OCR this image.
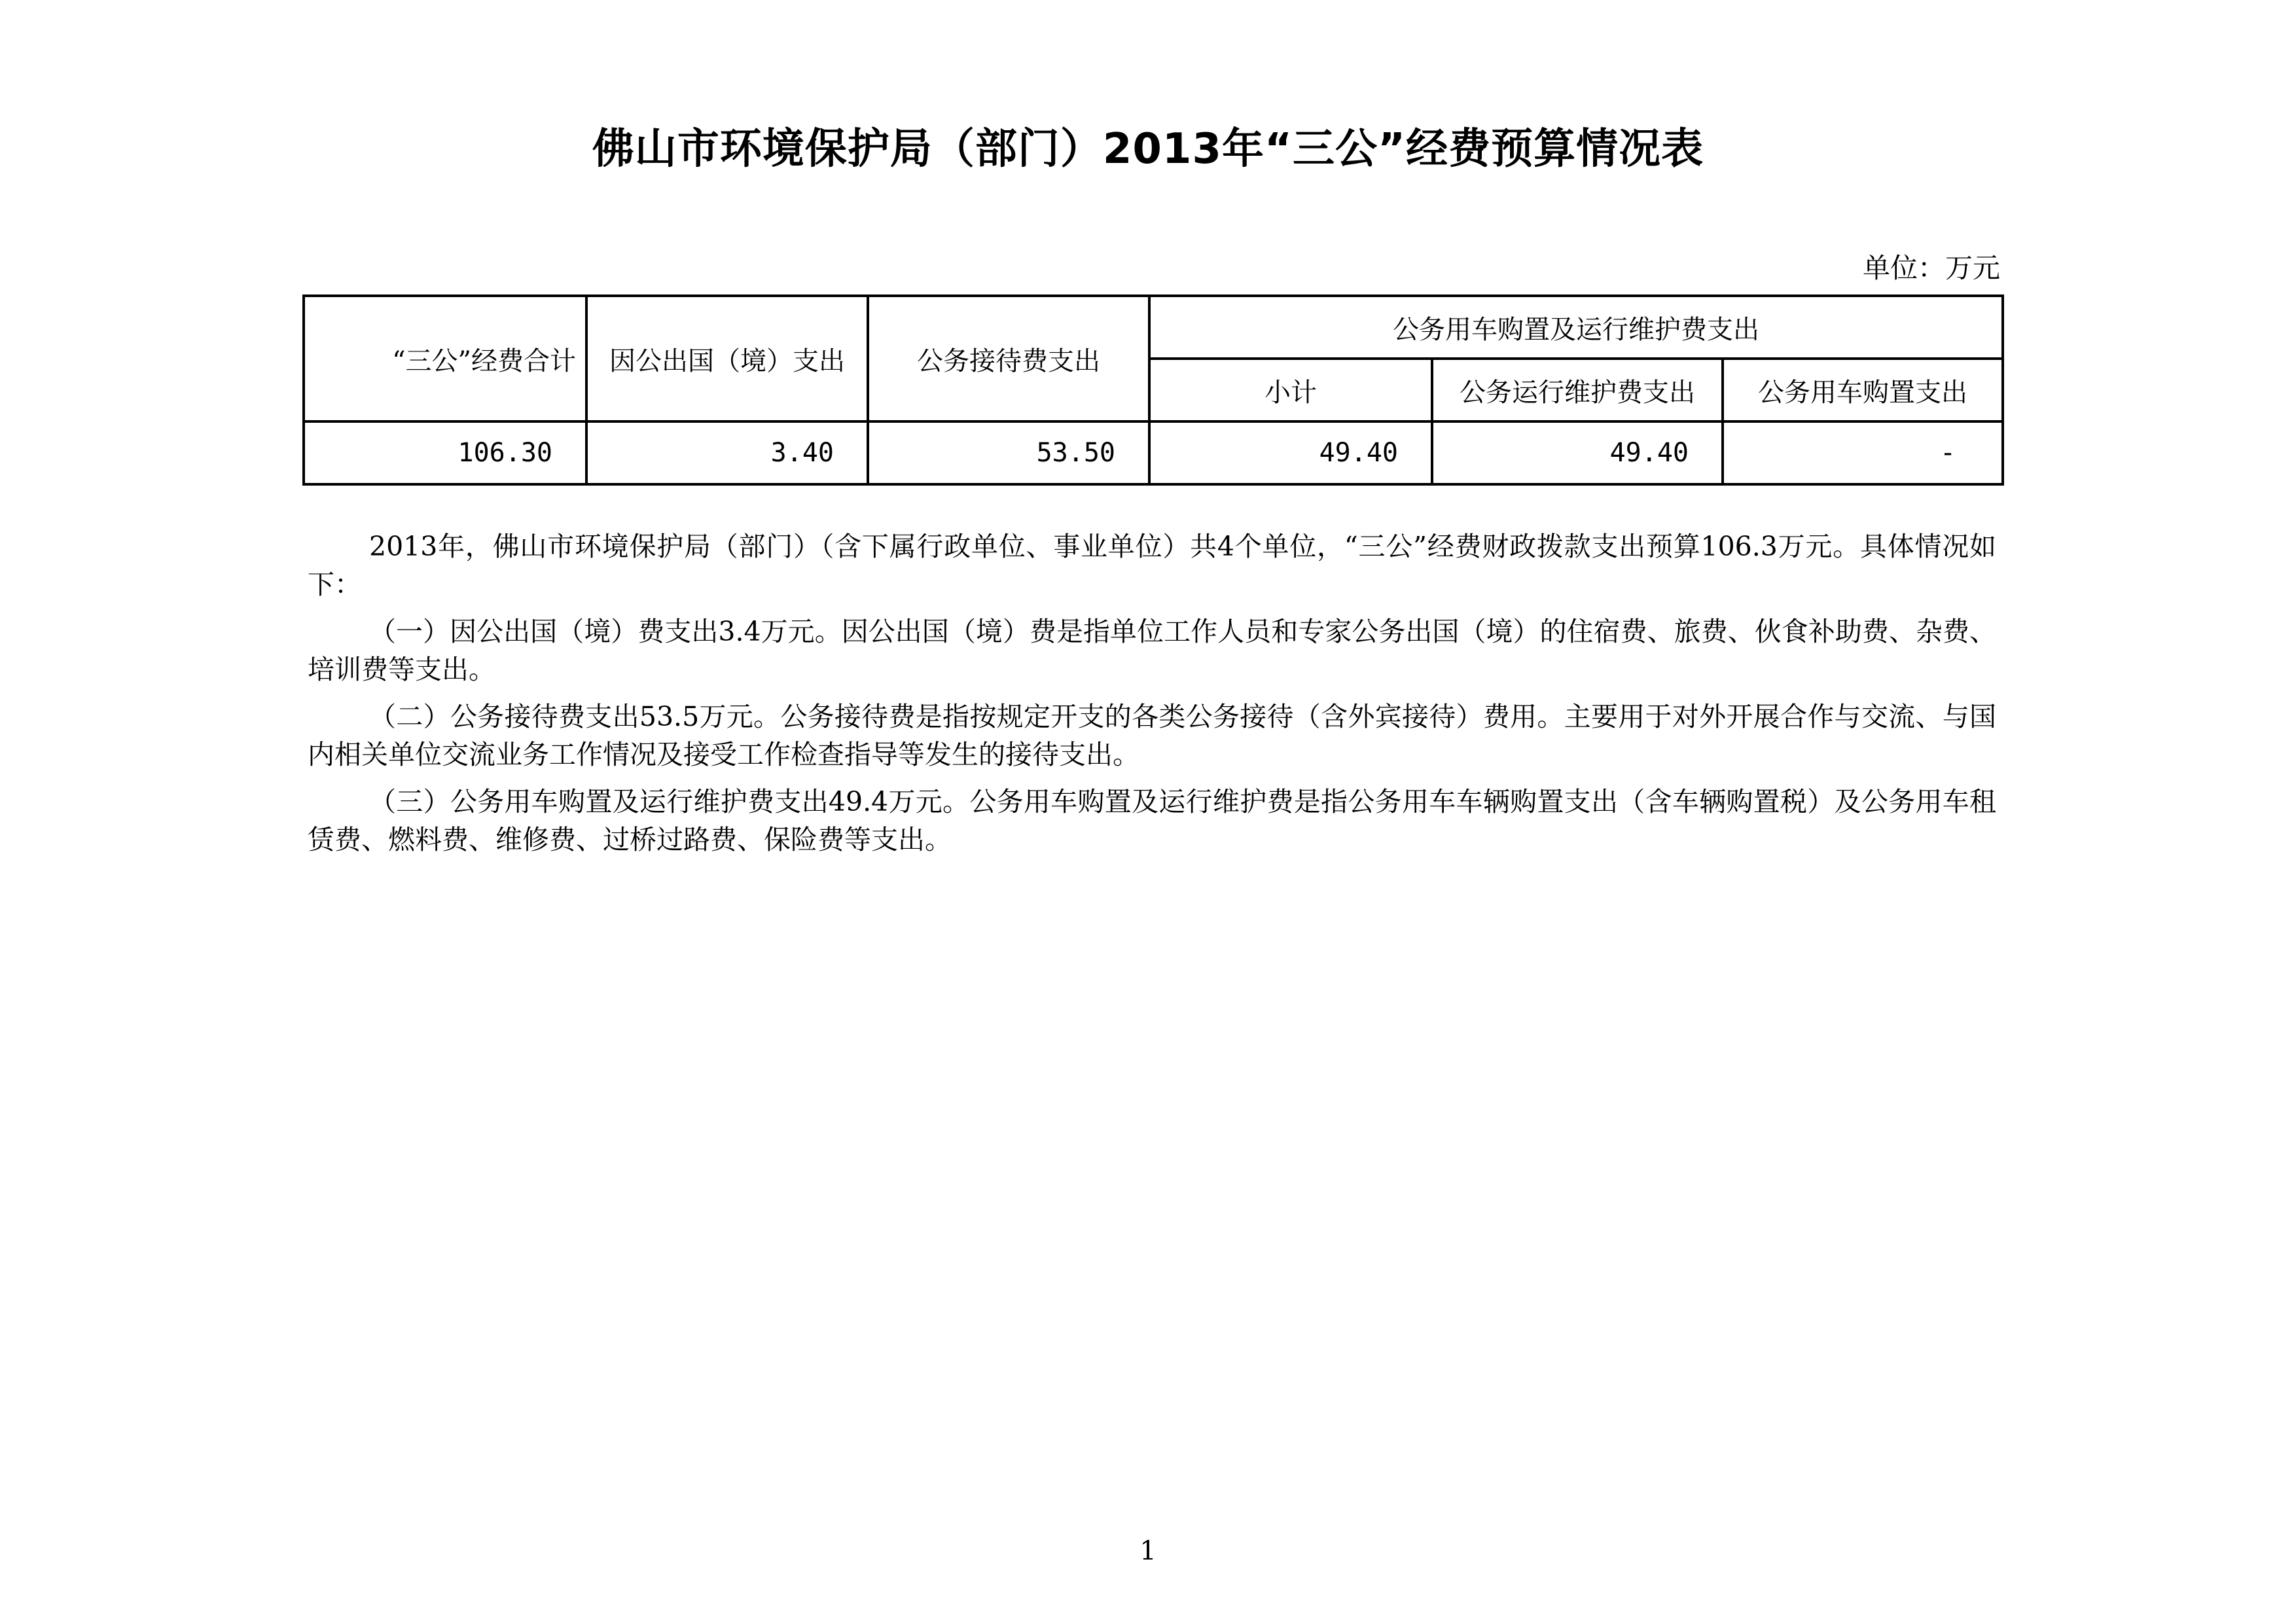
佛山市环境保护局（部门）2013年“三公”经费预算情况表
单位：万元
“三公”经费合计	因公出国（境）支出	公务接待费支出	公务用车购置及运行维护费支出		
			小计	公务运行维护费支出	公务用车购置支出
106.30	3.40	53.50	49.40	49.40	-

2013年，佛山市环境保护局（部门）（含下属行政单位、事业单位）共4个单位，“三公”经费财政拨款支出预算106.3万元。具体情况如下：

（一）因公出国（境）费支出3.4万元。因公出国（境）费是指单位工作人员和专家公务出国（境）的住宿费、旅费、伙食补助费、杂费、培训费等支出。

（二）公务接待费支出53.5万元。公务接待费是指按规定开支的各类公务接待（含外宾接待）费用。主要用于对外开展合作与交流、与国内相关单位交流业务工作情况及接受工作检查指导等发生的接待支出。

（三）公务用车购置及运行维护费支出49.4万元。公务用车购置及运行维护费是指公务用车车辆购置支出（含车辆购置税）及公务用车租赁费、燃料费、维修费、过桥过路费、保险费等支出。

1
